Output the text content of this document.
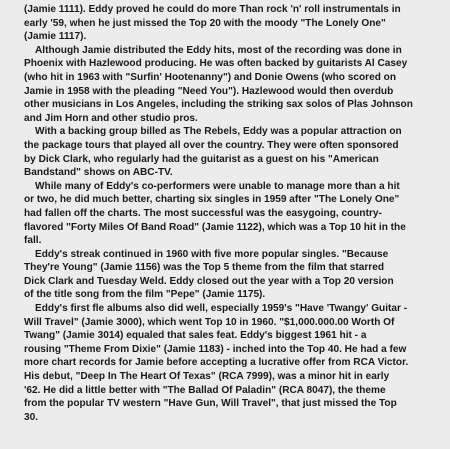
(Jamie 1111). Eddy proved he could do more Than rock 'n' roll instrumentals in
early '59, when he just missed the Top 20 with the moody "The Lonely One"
(Jamie 1117).
Although Jamie distributed the Eddy hits, most of the recording was done in
Phoenix with Hazlewood producing. He was often backed by guitarists Al Casey
(who hit in 1963 with "Surfin' Hootenanny") and Donie Owens (who scored on
Jamie in 1958 with the pleading "Need You"). Hazlewood would then overdub
other musicians in Los Angeles, including the striking sax solos of Plas Johnson
and Jim Horn and other studio pros.
With a backing group billed as The Rebels, Eddy was a popular attraction on
the package tours that played all over the country. They were often sponsored
by Dick Clark, who regularly had the guitarist as a guest on his "American
Bandstand" shows on ABC-TV.
While many of Eddy's co-performers were unable to manage more than a hit
or two, he did much better, charting six singles in 1959 after "The Lonely One"
had fallen off the charts. The most successful was the easygoing, country-
flavored "Forty Miles Of Band Road" (Jamie 1122), which was a Top 10 hit in the
fall.
Eddy's streak continued in 1960 with five more popular singles. "Because
They're Young" (Jamie 1156) was the Top 5 theme from the film that starred
Dick Clark and Tuesday Weld. Eddy closed out the year with a Top 20 version
of the title song from the film "Pepe" (Jamie 1175).
Eddy's first fle albums also did well, especially 1959's "Have 'Twangy' Guitar -
Will Travel" (Jamie 3000), which went Top 10 in 1960. "$1,000.000.00 Worth Of
Twang" (Jamie 3014) equaled that sales feat. Eddy's biggest 1961 hit - a
rousing "Theme From Dixie" (Jamie 1183) - inched into the Top 40. He had a few
more chart records for Jamie before accepting a lucrative offer from RCA Victor.
His debut, "Deep In The Heart Of Texas" (RCA 7999), was a minor hit in early
'62. He did a little better with "The Ballad Of Paladin" (RCA 8047), the theme
from the popular TV western "Have Gun, Will Travel", that just missed the Top
30.
